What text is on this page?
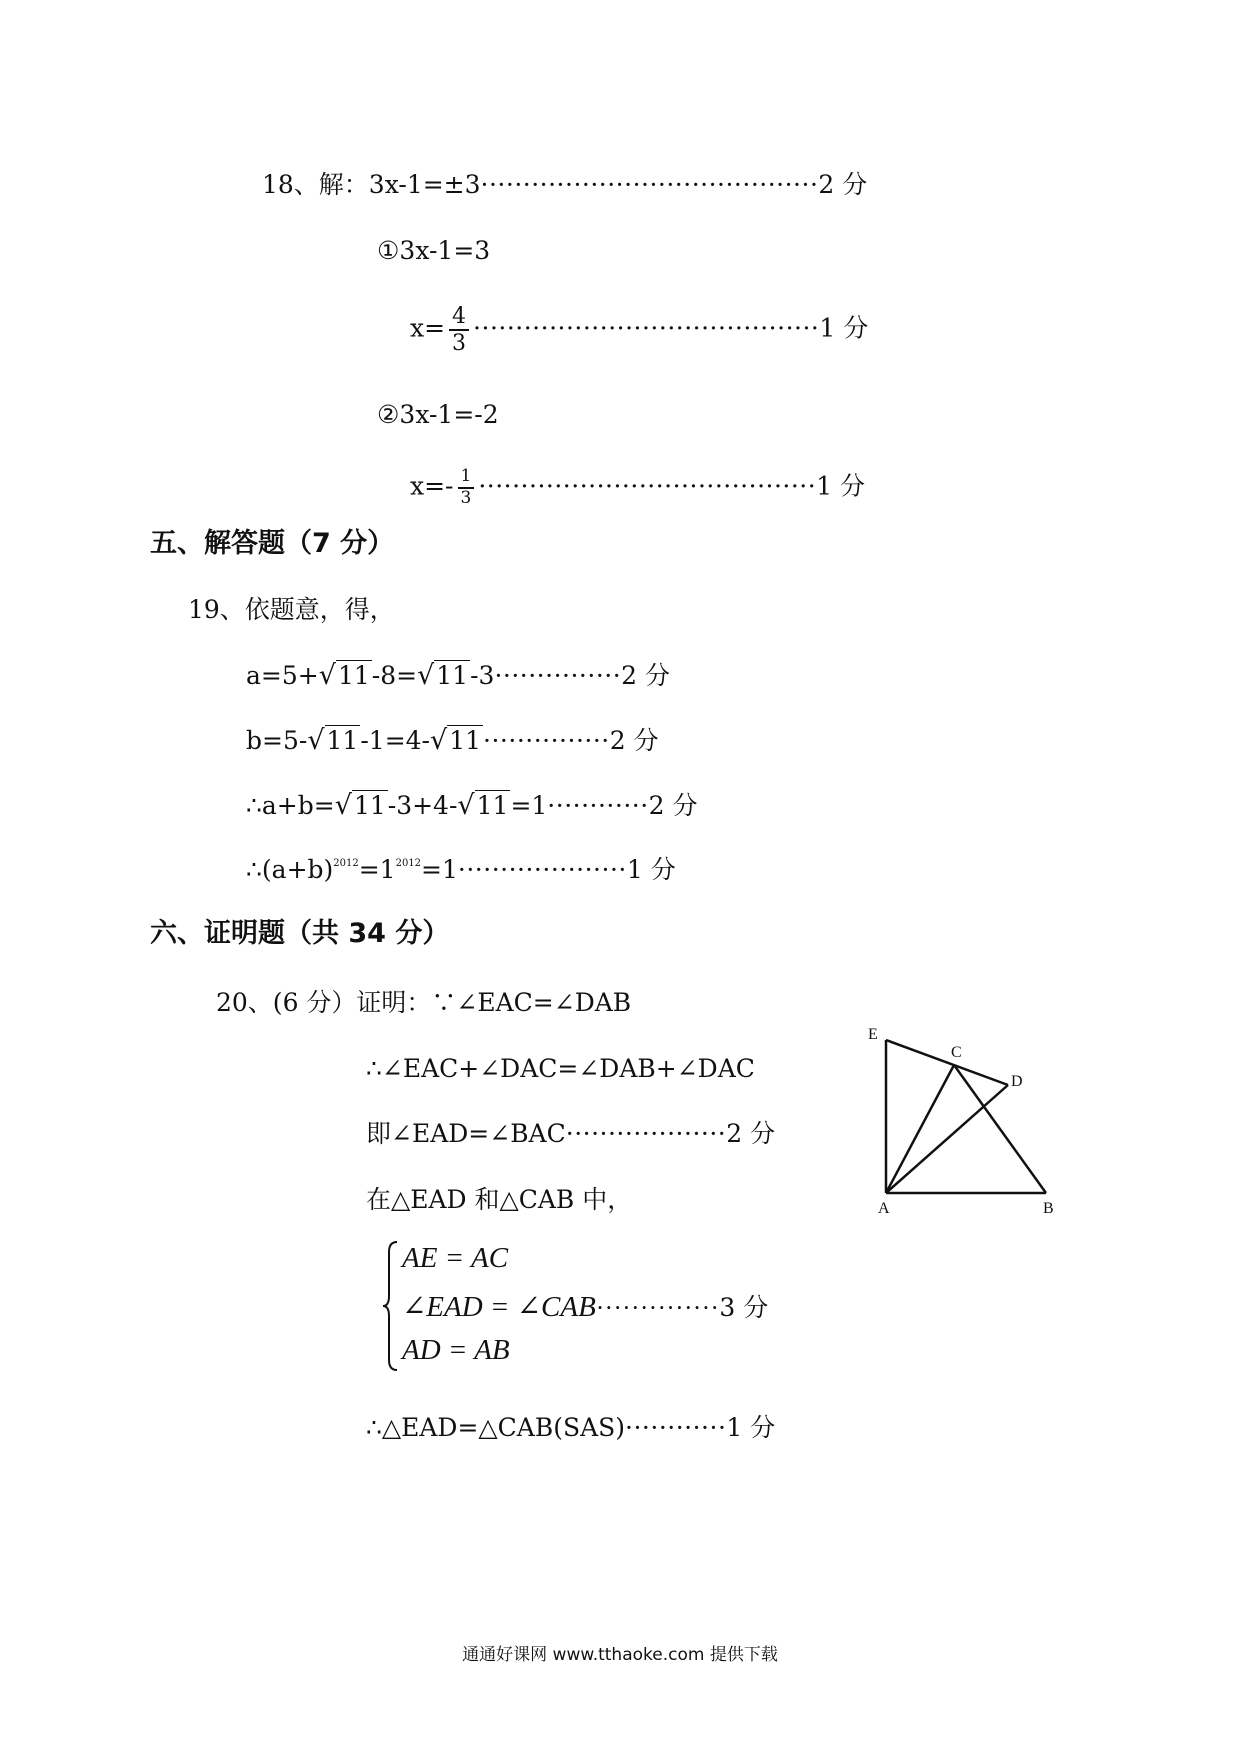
18、解：3x-1=±3········································2 分
①3x-1=3
$x= \frac{4}{3} \cdot\cdot\cdot\cdot\cdot\cdot\cdot\cdot\cdot\cdot\cdot\cdot\cdot\cdot\cdot\cdot\cdot\cdot\cdot\cdot\cdot\cdot\cdot\cdot\cdot\cdot\cdot\cdot\cdot\cdot\cdot\cdot\cdot\cdot\cdot\cdot\cdot\cdot\cdot\cdot\cdot 1$ 分
②3x-1=-2
$x=- \frac{1}{3} \cdot\cdot\cdot\cdot\cdot\cdot\cdot\cdot\cdot\cdot\cdot\cdot\cdot\cdot\cdot\cdot\cdot\cdot\cdot\cdot\cdot\cdot\cdot\cdot\cdot\cdot\cdot\cdot\cdot\cdot\cdot\cdot\cdot\cdot\cdot\cdot\cdot\cdot\cdot\cdot 1$ 分
五、解答题（7 分）
19、依题意，得，
a=5+√11-8=√11-3···············2 分
b=5-√11-1=4-√11···············2 分
∴a+b=√11-3+4-√11=1············2 分
$\therefore(a+b)^{2012}=1^{2012}=1\cdot\cdot\cdot\cdot\cdot\cdot\cdot\cdot\cdot\cdot\cdot\cdot\cdot\cdot\cdot\cdot\cdot\cdot\cdot\cdot 1$ 分
六、证明题（共 34 分）
20、(6 分）证明：∵∠EAC=∠DAB
∴∠EAC+∠DAC=∠DAB+∠DAC
即∠EAD=∠BAC···················2 分
在△EAD 和△CAB 中，
AE = AC
∠EAD = ∠CAB··············3 分
AD = AB
∴△EAD=△CAB(SAS)············1 分
E
C
D
A	B
通通好课网 www.tthaoke.com 提供下载
